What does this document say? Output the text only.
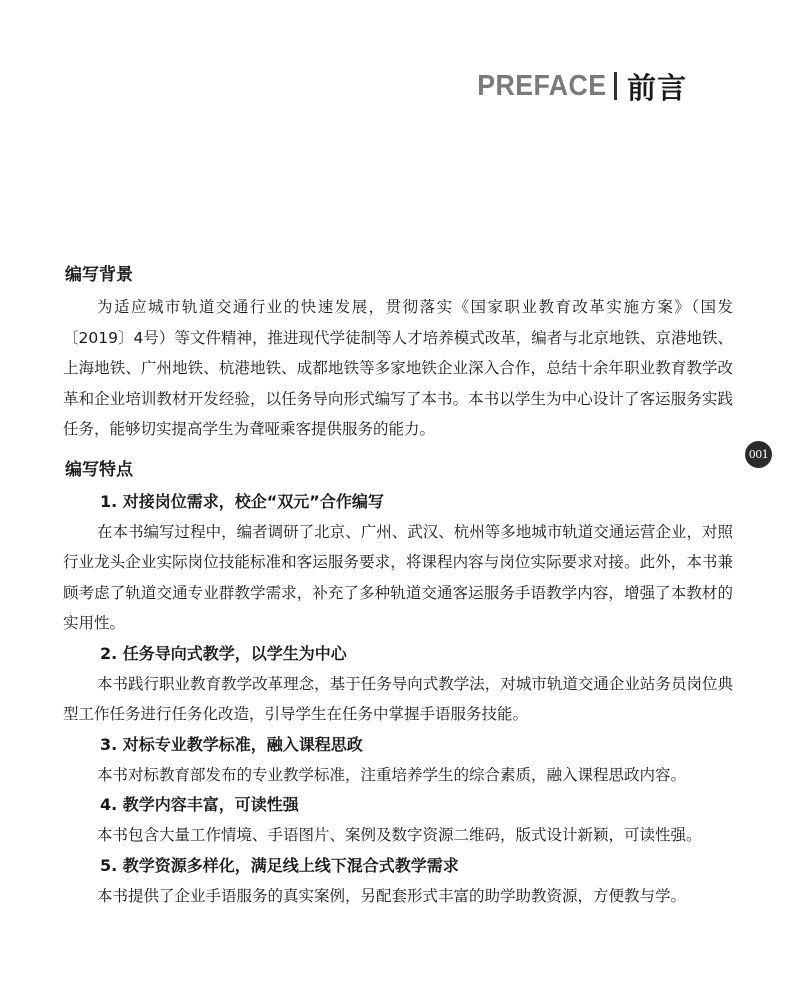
PREFACE 前言
001
编写背景

为适应城市轨道交通行业的快速发展，贯彻落实《国家职业教育改革实施方案》（国发〔2019〕4号）等文件精神，推进现代学徒制等人才培养模式改革，编者与北京地铁、京港地铁、上海地铁、广州地铁、杭港地铁、成都地铁等多家地铁企业深入合作，总结十余年职业教育教学改革和企业培训教材开发经验，以任务导向形式编写了本书。本书以学生为中心设计了客运服务实践任务，能够切实提高学生为聋哑乘客提供服务的能力。

编写特点

1. 对接岗位需求，校企“双元”合作编写

在本书编写过程中，编者调研了北京、广州、武汉、杭州等多地城市轨道交通运营企业，对照行业龙头企业实际岗位技能标准和客运服务要求，将课程内容与岗位实际要求对接。此外，本书兼顾考虑了轨道交通专业群教学需求，补充了多种轨道交通客运服务手语教学内容，增强了本教材的实用性。

2. 任务导向式教学，以学生为中心

本书践行职业教育教学改革理念，基于任务导向式教学法，对城市轨道交通企业站务员岗位典型工作任务进行任务化改造，引导学生在任务中掌握手语服务技能。

3. 对标专业教学标准，融入课程思政

本书对标教育部发布的专业教学标准，注重培养学生的综合素质，融入课程思政内容。

4. 教学内容丰富，可读性强

本书包含大量工作情境、手语图片、案例及数字资源二维码，版式设计新颖，可读性强。

5. 教学资源多样化，满足线上线下混合式教学需求

本书提供了企业手语服务的真实案例，另配套形式丰富的助学助教资源，方便教与学。
